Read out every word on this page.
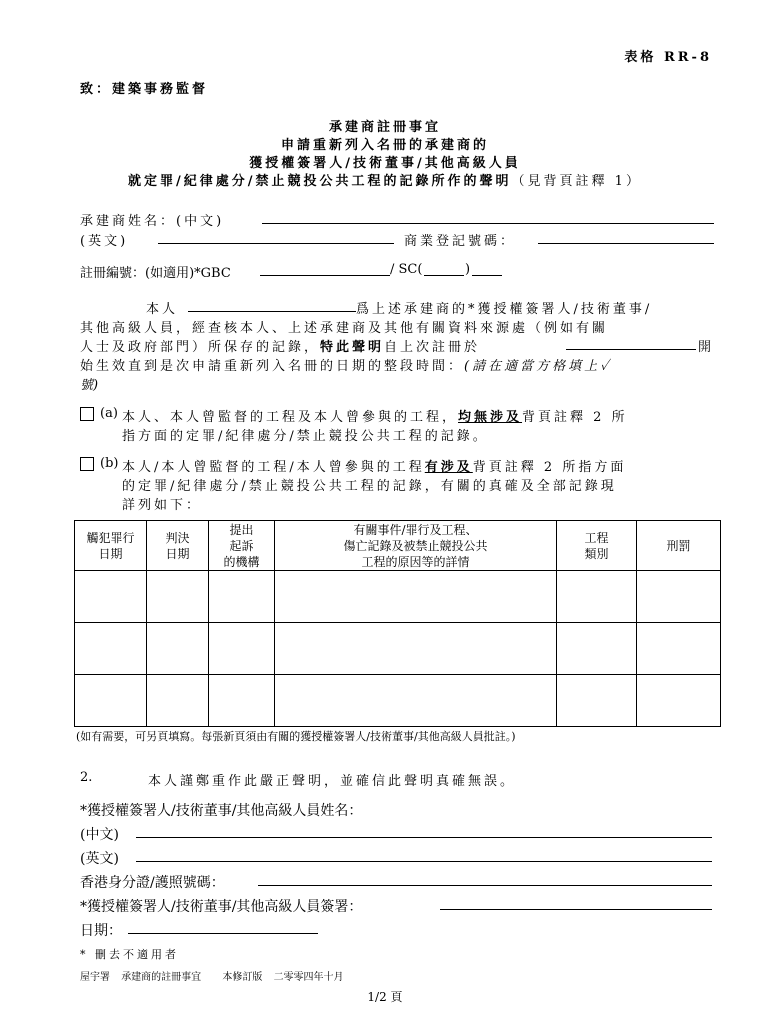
表格 RR-8
致：建築事務監督
承建商註冊事宜
申請重新列入名冊的承建商的
獲授權簽署人/技術董事/其他高級人員
就定罪/紀律處分/禁止競投公共工程的記錄所作的聲明（見背頁註釋 1）
承建商姓名：(中文)
(英文)	商業登記號碼：
註冊編號：(如適用)*GBC	/ SC(	)
本人	爲上述承建商的*獲授權簽署人/技術董事/
其他高級人員，經查核本人、上述承建商及其他有關資料來源處（例如有關
人士及政府部門）所保存的記錄，特此聲明自上次註冊於	開
始生效直到是次申請重新列入名冊的日期的整段時間：(請在適當方格填上✓
號)
(a) 本人、本人曾監督的工程及本人曾參與的工程，均無涉及背頁註釋 2 所
指方面的定罪/紀律處分/禁止競投公共工程的記錄。
(b) 本人/本人曾監督的工程/本人曾參與的工程有涉及背頁註釋 2 所指方面
的定罪/紀律處分/禁止競投公共工程的記錄，有關的真確及全部記錄現
詳列如下：
觸犯罪行
日期	判決
日期	提出
起訴
的機構	有關事件/罪行及工程、
傷亡記錄及被禁止競投公共
工程的原因等的詳情	工程
類別	刑罰

(如有需要，可另頁填寫。每張新頁須由有關的獲授權簽署人/技術董事/其他高級人員批註。)
2.	本人謹鄭重作此嚴正聲明，並確信此聲明真確無誤。
*獲授權簽署人/技術董事/其他高級人員姓名：
(中文)
(英文)
香港身分證/護照號碼：
*獲授權簽署人/技術董事/其他高級人員簽署：
日期：
* 刪去不適用者
屋宇署 承建商的註冊事宜 本修訂版 二零零四年十月
1/2 頁
